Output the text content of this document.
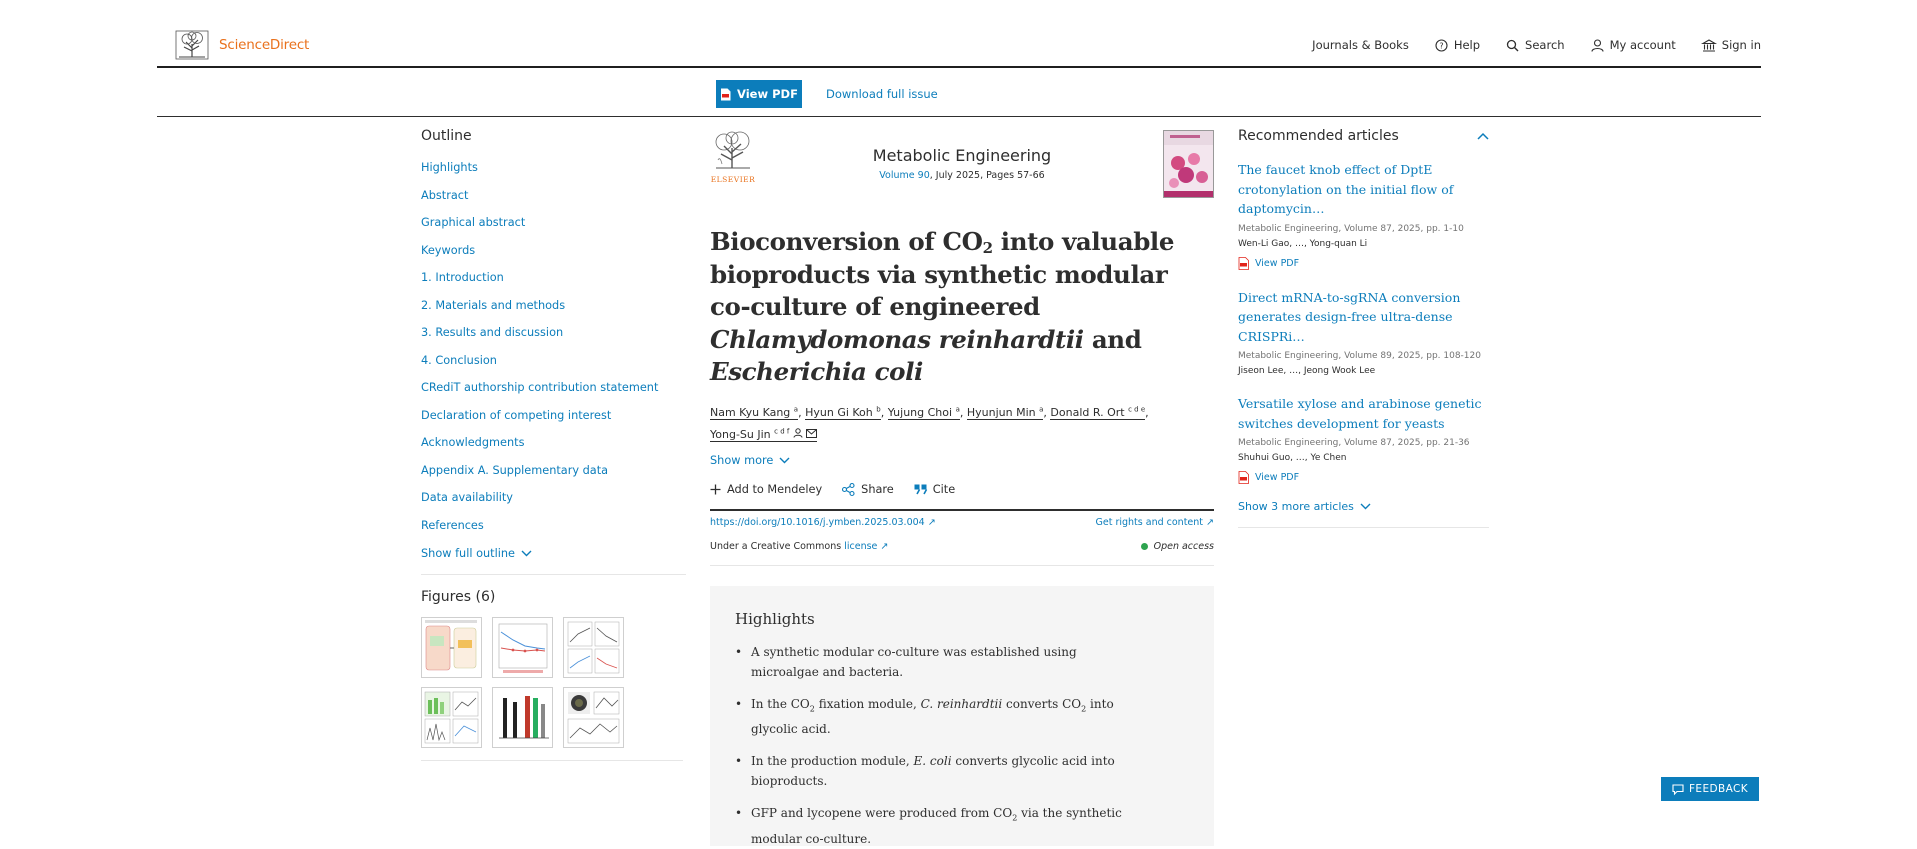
ScienceDirect	Journals & Books	? Help	Search	My account	Sign in
View PDF Download full issue
Outline
Highlights
Abstract
Graphical abstract
Keywords
1. Introduction
2. Materials and methods
3. Results and discussion
4. Conclusion
CRediT authorship contribution statement
Declaration of competing interest
Acknowledgments
Appendix A. Supplementary data
Data availability
References
Show full outline
Figures (6)
ELSEVIER
Metabolic Engineering
Volume 90, July 2025, Pages 57-66
Bioconversion of $CO_2$ into valuable bioproducts via synthetic modular co-culture of engineered Chlamydomonas reinhardtii and Escherichia coli
Nam Kyu Kang $^a$, Hyun Gi Koh $^b$, Yujung Choi $^a$, Hyunjun Min $^a$, Donald R. Ort $^{c d e}$,
Yong-Su Jin $^{c d f}$
Show more
Add to Mendeley	Share	Cite
https://doi.org/10.1016/j.ymben.2025.03.004 ↗	Get rights and content ↗
Under a Creative Commons license ↗	Open access
Highlights
• A synthetic modular co-culture was established using microalgae and bacteria.
• In the $CO_2$ fixation module, C. reinhardtii converts $CO_2$ into glycolic acid.
• In the production module, E. coli converts glycolic acid into bioproducts.
• GFP and lycopene were produced from $CO_2$ via the synthetic modular co-culture.
Recommended articles
The faucet knob effect of DptE crotonylation on the initial flow of daptomycin…
Metabolic Engineering, Volume 87, 2025, pp. 1-10
Wen-Li Gao, …, Yong-quan Li
View PDF
Direct mRNA-to-sgRNA conversion generates design-free ultra-dense CRISPRi…
Metabolic Engineering, Volume 89, 2025, pp. 108-120
Jiseon Lee, …, Jeong Wook Lee
Versatile xylose and arabinose genetic switches development for yeasts
Metabolic Engineering, Volume 87, 2025, pp. 21-36
Shuhui Guo, …, Ye Chen
View PDF
Show 3 more articles
FEEDBACK
